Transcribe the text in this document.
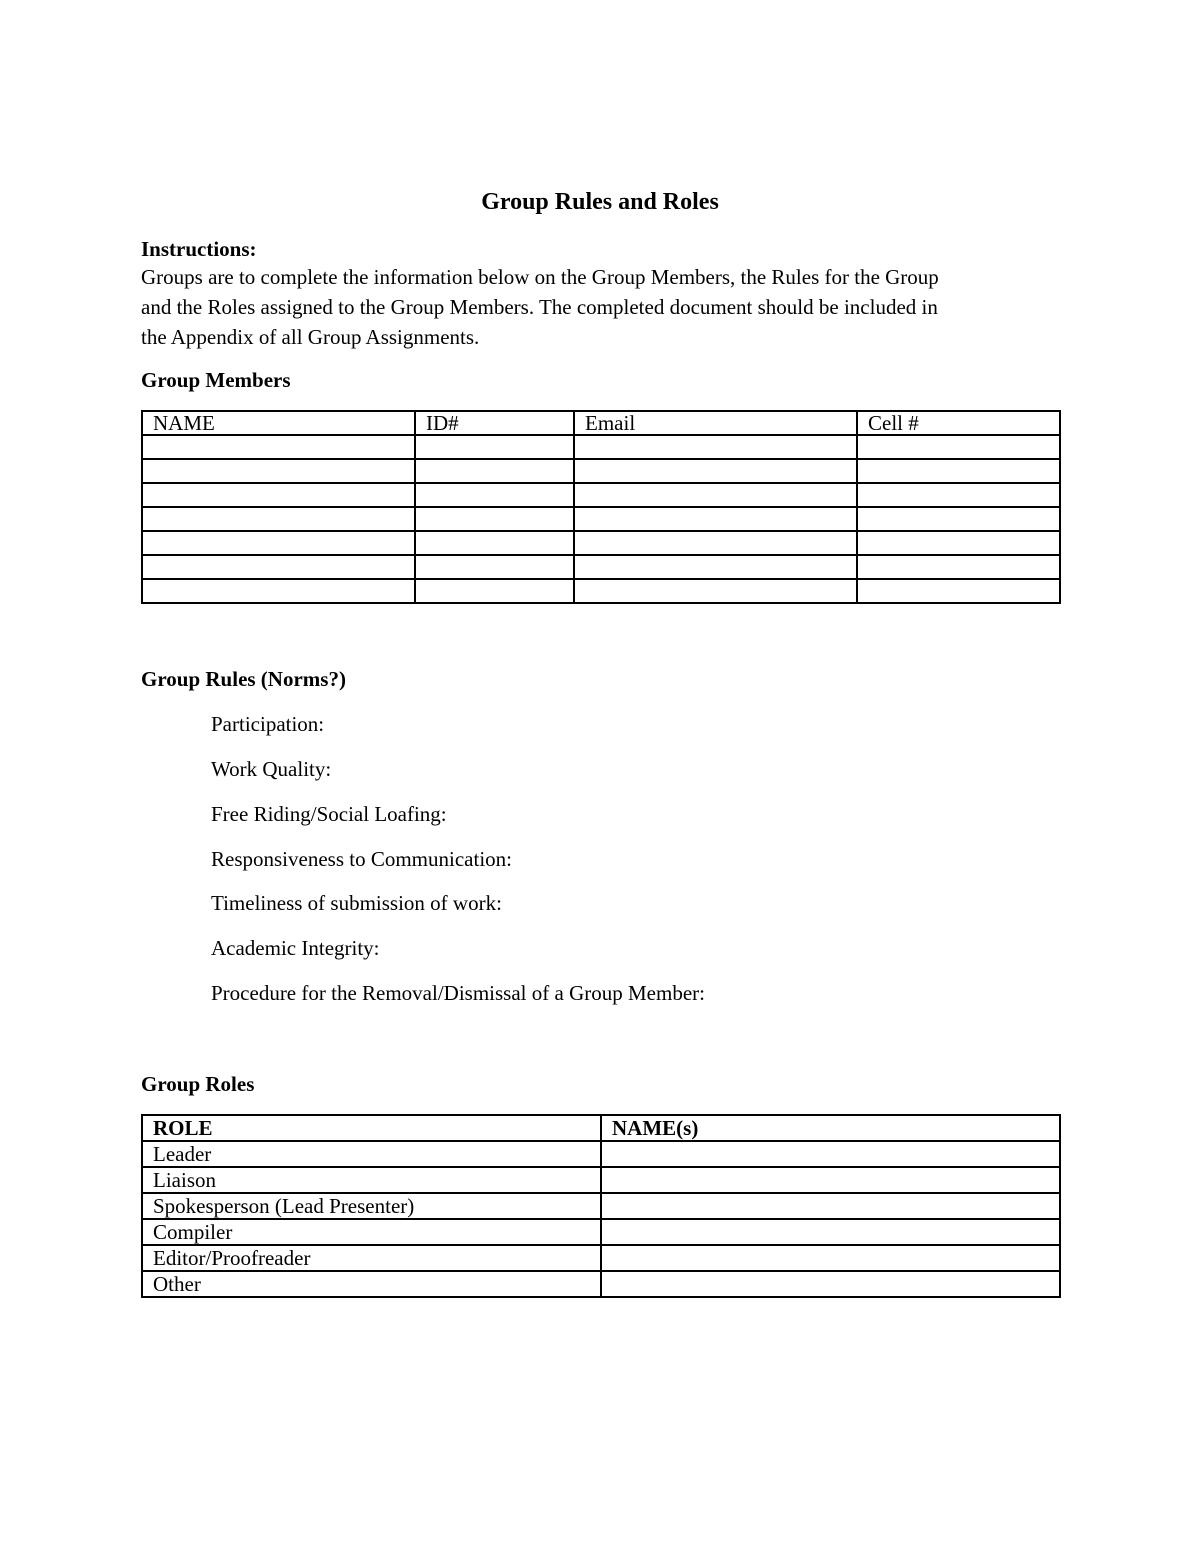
Group Rules and Roles
Instructions:
Groups are to complete the information below on the Group Members, the Rules for the Group
and the Roles assigned to the Group Members. The completed document should be included in
the Appendix of all Group Assignments.
Group Members
NAME	ID#	Email	Cell #

Group Rules (Norms?)
Participation:
Work Quality:
Free Riding/Social Loafing:
Responsiveness to Communication:
Timeliness of submission of work:
Academic Integrity:
Procedure for the Removal/Dismissal of a Group Member:
Group Roles
ROLE	NAME(s)
Leader	
Liaison	
Spokesperson (Lead Presenter)	
Compiler	
Editor/Proofreader	
Other	
